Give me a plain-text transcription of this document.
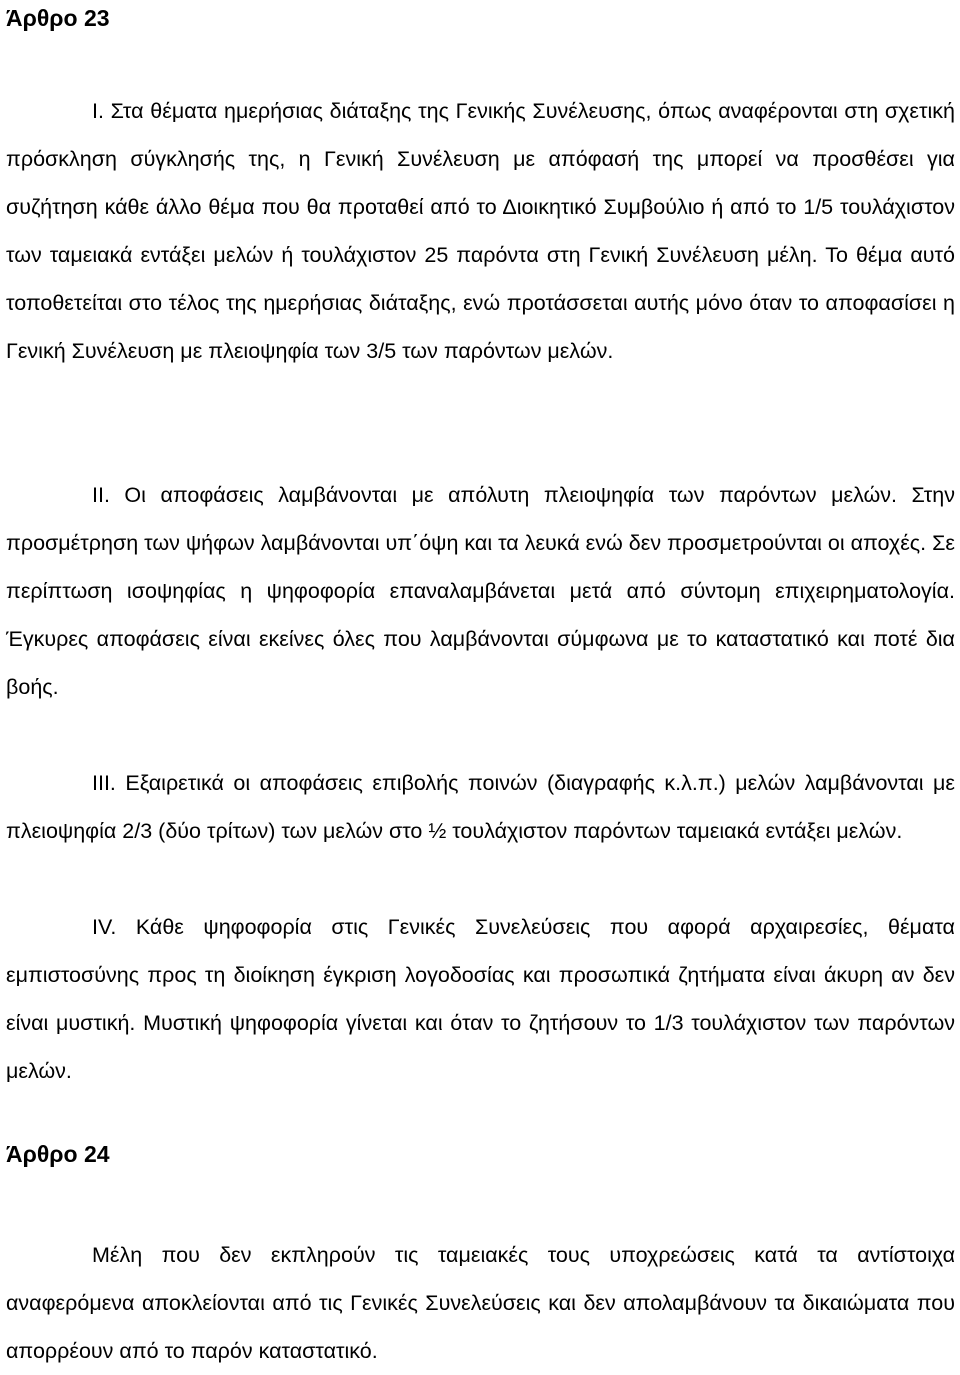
Άρθρο 23

Ι. Στα θέματα ημερήσιας διάταξης της Γενικής Συνέλευσης, όπως αναφέρονται στη σχετική πρόσκληση σύγκλησής της, η Γενική Συνέλευση με απόφασή της μπορεί να προσθέσει για συζήτηση κάθε άλλο θέμα που θα προταθεί από το Διοικητικό Συμβούλιο ή από το 1/5 τουλάχιστον των ταμειακά εντάξει μελών ή τουλάχιστον 25 παρόντα στη Γενική Συνέλευση μέλη. Το θέμα αυτό τοποθετείται στο τέλος της ημερήσιας διάταξης, ενώ προτάσσεται αυτής μόνο όταν το αποφασίσει η Γενική Συνέλευση με πλειοψηφία των 3/5 των παρόντων μελών.

ΙΙ. Οι αποφάσεις λαμβάνονται με απόλυτη πλειοψηφία των παρόντων μελών. Στην προσμέτρηση των ψήφων λαμβάνονται υπ΄όψη και τα λευκά ενώ δεν προσμετρούνται οι αποχές. Σε περίπτωση ισοψηφίας η ψηφοφορία επαναλαμβάνεται μετά από σύντομη επιχειρηματολογία. Έγκυρες αποφάσεις είναι εκείνες όλες που λαμβάνονται σύμφωνα με το καταστατικό και ποτέ δια βοής.

ΙΙΙ. Εξαιρετικά οι αποφάσεις επιβολής ποινών (διαγραφής κ.λ.π.) μελών λαμβάνονται με πλειοψηφία 2/3 (δύο τρίτων) των μελών στο ½ τουλάχιστον παρόντων ταμειακά εντάξει μελών.

ΙV. Κάθε ψηφοφορία στις Γενικές Συνελεύσεις που αφορά αρχαιρεσίες, θέματα εμπιστοσύνης προς τη διοίκηση έγκριση λογοδοσίας και προσωπικά ζητήματα είναι άκυρη αν δεν είναι μυστική. Μυστική ψηφοφορία γίνεται και όταν το ζητήσουν το 1/3 τουλάχιστον των παρόντων μελών.

Άρθρο 24

Μέλη που δεν εκπληρούν τις ταμειακές τους υποχρεώσεις κατά τα αντίστοιχα αναφερόμενα αποκλείονται από τις Γενικές Συνελεύσεις και δεν απολαμβάνουν τα δικαιώματα που απορρέουν από το παρόν καταστατικό.
